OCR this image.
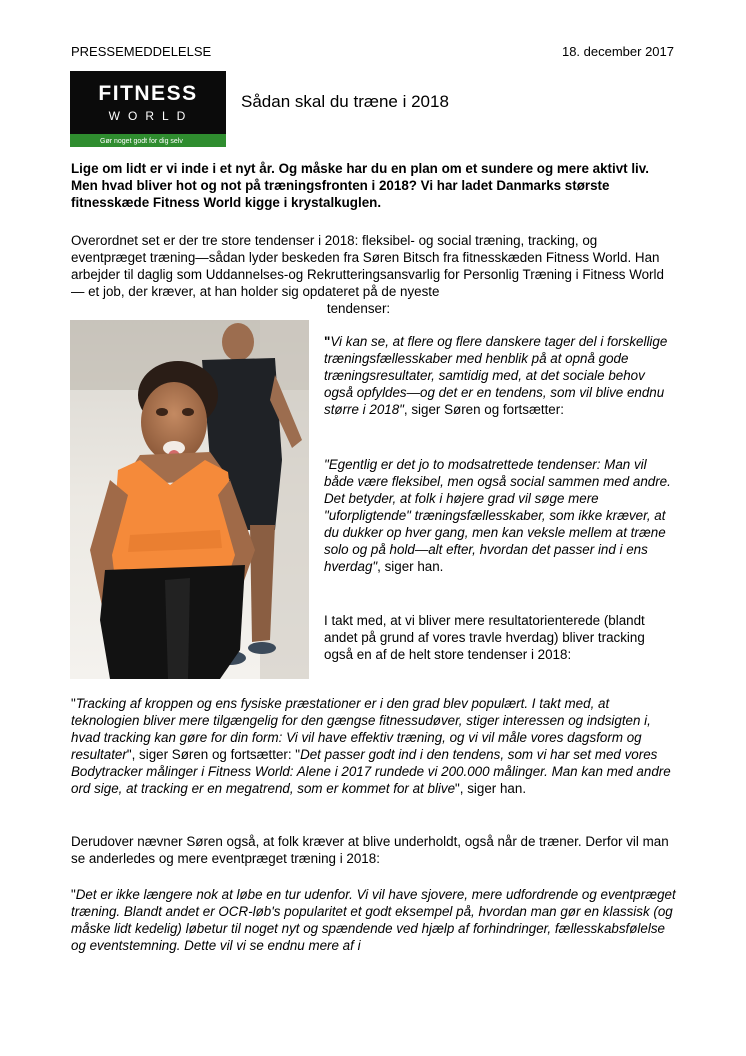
PRESSEMEDDELELSE	18. december 2017
FITNESS
WORLD
Gør noget godt for dig selv
Sådan skal du træne i 2018
Lige om lidt er vi inde i et nyt år. Og måske har du en plan om et sundere og mere aktivt liv. Men hvad bliver hot og not på træningsfronten i 2018? Vi har ladet Danmarks største fitnesskæde Fitness World kigge i krystalkuglen.
Overordnet set er der tre store tendenser i 2018: fleksibel- og social træning, tracking, og eventpræget træning—sådan lyder beskeden fra Søren Bitsch fra fitnesskæden Fitness World. Han arbejder til daglig som Uddannelses-og Rekrutteringsansvarlig for Personlig Træning i Fitness World — et job, der kræver, at han holder sig opdateret på de nyeste
tendenser:
"Vi kan se, at flere og flere danskere tager del i forskellige træningsfællesskaber med henblik på at opnå gode træningsresultater, samtidig med, at det sociale behov også opfyldes—og det er en tendens, som vil blive endnu større i 2018", siger Søren og fortsætter:
"Egentlig er det jo to modsatrettede tendenser: Man vil både være fleksibel, men også social sammen med andre. Det betyder, at folk i højere grad vil søge mere "uforpligtende" træningsfællesskaber, som ikke kræver, at du dukker op hver gang, men kan veksle mellem at træne solo og på hold—alt efter, hvordan det passer ind i ens hverdag", siger han.
I takt med, at vi bliver mere resultatorienterede (blandt andet på grund af vores travle hverdag) bliver tracking også en af de helt store tendenser i 2018:
"Tracking af kroppen og ens fysiske præstationer er i den grad blev populært. I takt med, at teknologien bliver mere tilgængelig for den gængse fitnessudøver, stiger interessen og indsigten i, hvad tracking kan gøre for din form: Vi vil have effektiv træning, og vi vil måle vores dagsform og resultater", siger Søren og fortsætter: "Det passer godt ind i den tendens, som vi har set med vores Bodytracker målinger i Fitness World: Alene i 2017 rundede vi 200.000 målinger. Man kan med andre ord sige, at tracking er en megatrend, som er kommet for at blive", siger han.
Derudover nævner Søren også, at folk kræver at blive underholdt, også når de træner. Derfor vil man se anderledes og mere eventpræget træning i 2018:
"Det er ikke længere nok at løbe en tur udenfor. Vi vil have sjovere, mere udfordrende og eventpræget træning. Blandt andet er OCR-løb's popularitet et godt eksempel på, hvordan man gør en klassisk (og måske lidt kedelig) løbetur til noget nyt og spændende ved hjælp af forhindringer, fællesskabsfølelse og eventstemning. Dette vil vi se endnu mere af i
